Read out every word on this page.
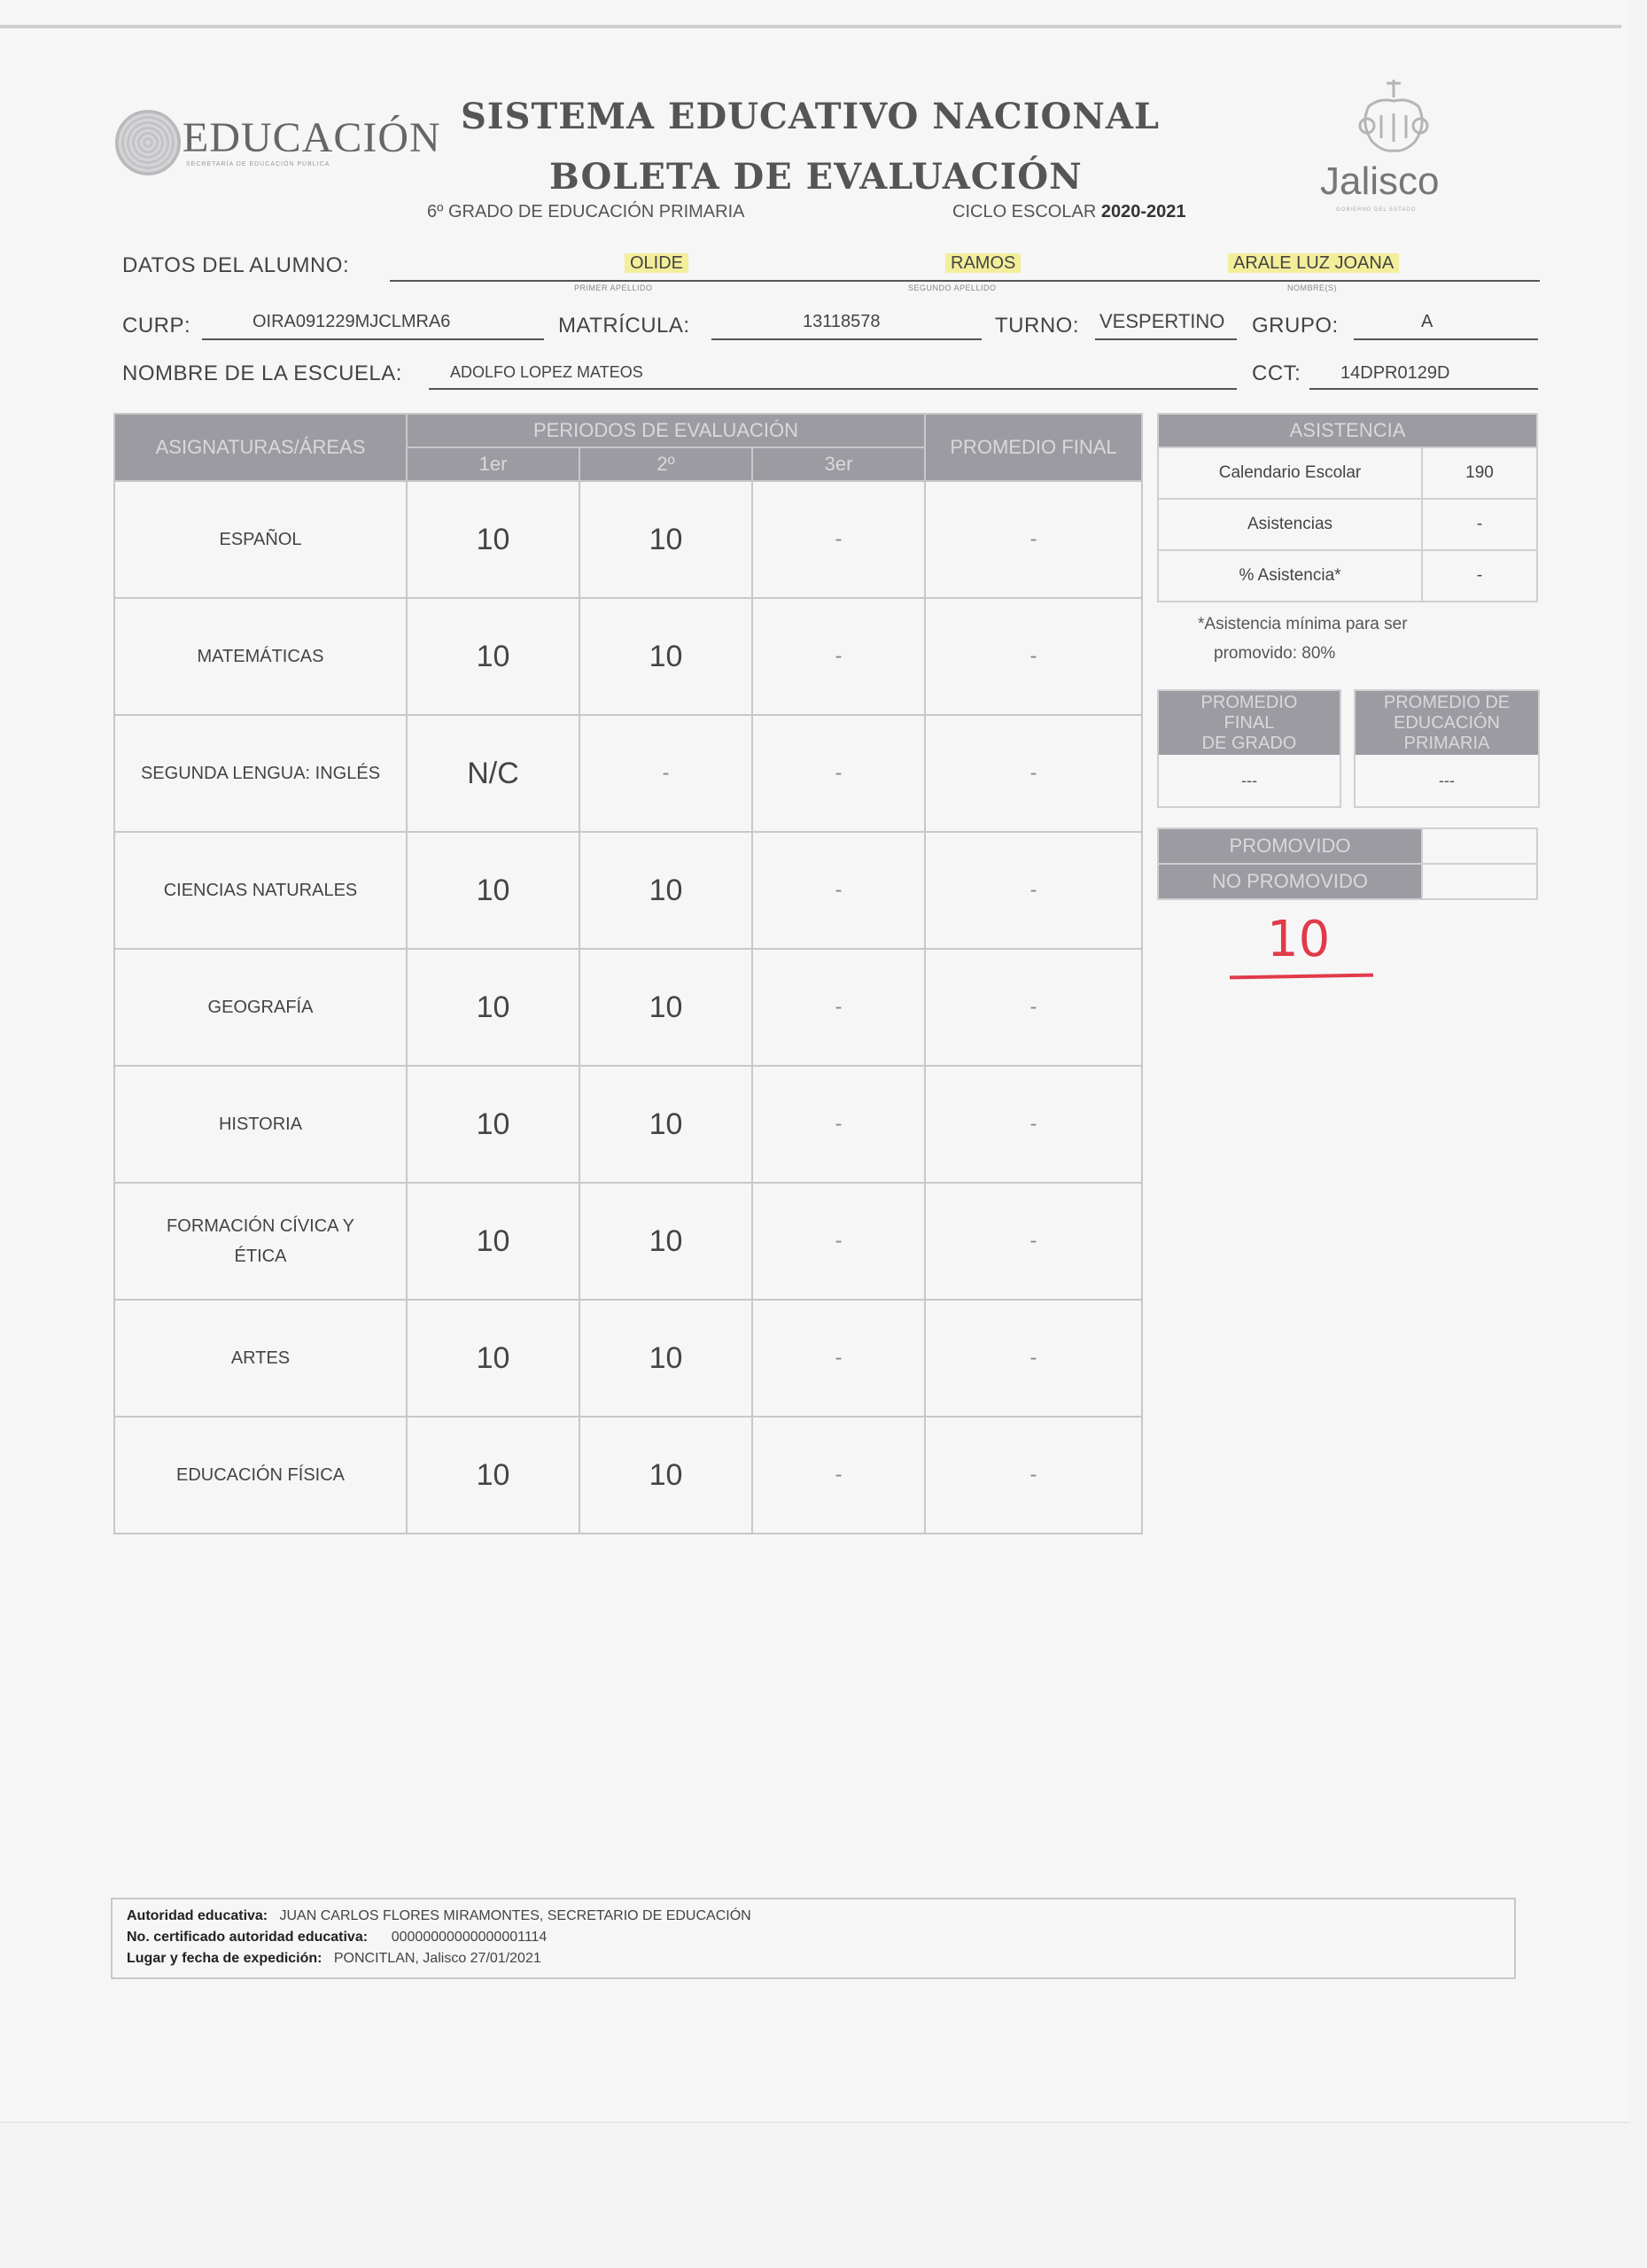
EDUCACIÓN
SECRETARÍA DE EDUCACIÓN PÚBLICA
SISTEMA EDUCATIVO NACIONAL
BOLETA DE EVALUACIÓN
6º GRADO DE EDUCACIÓN PRIMARIA	CICLO ESCOLAR 2020-2021
Jalisco
GOBIERNO DEL ESTADO
DATOS DEL ALUMNO:	OLIDE
PRIMER APELLIDO
RAMOS
SEGUNDO APELLIDO
ARALE LUZ JOANA
NOMBRE(S)
CURP:	OIRA091229MJCLMRA6	MATRÍCULA:	13118578	TURNO: VESPERTINO GRUPO:	A
NOMBRE DE LA ESCUELA:	ADOLFO LOPEZ MATEOS	CCT: 14DPR0129D
ASIGNATURAS/ÁREAS	PERIODOS DE EVALUACIÓN			PROMEDIO FINAL
	1er	2º	3er	
ESPAÑOL	10	10	-	-
MATEMÁTICAS	10	10	-	-
SEGUNDA LENGUA: INGLÉS	N/C	-	-	-
CIENCIAS NATURALES	10	10	-	-
GEOGRAFÍA	10	10	-	-
HISTORIA	10	10	-	-
FORMACIÓN CÍVICA Y ÉTICA	10	10	-	-
ARTES	10	10	-	-
EDUCACIÓN FÍSICA	10	10	-	-
ASISTENCIA	
Calendario Escolar	190
Asistencias	-
% Asistencia*	-
*Asistencia mínima para ser
promovido: 80%
PROMEDIO
FINAL
DE GRADO
---
PROMEDIO DE
EDUCACIÓN
PRIMARIA
---
PROMOVIDO	
NO PROMOVIDO	
10
Autoridad educativa: JUAN CARLOS FLORES MIRAMONTES, SECRETARIO DE EDUCACIÓN
No. certificado autoridad educativa: 00000000000000001114
Lugar y fecha de expedición: PONCITLAN, Jalisco 27/01/2021
